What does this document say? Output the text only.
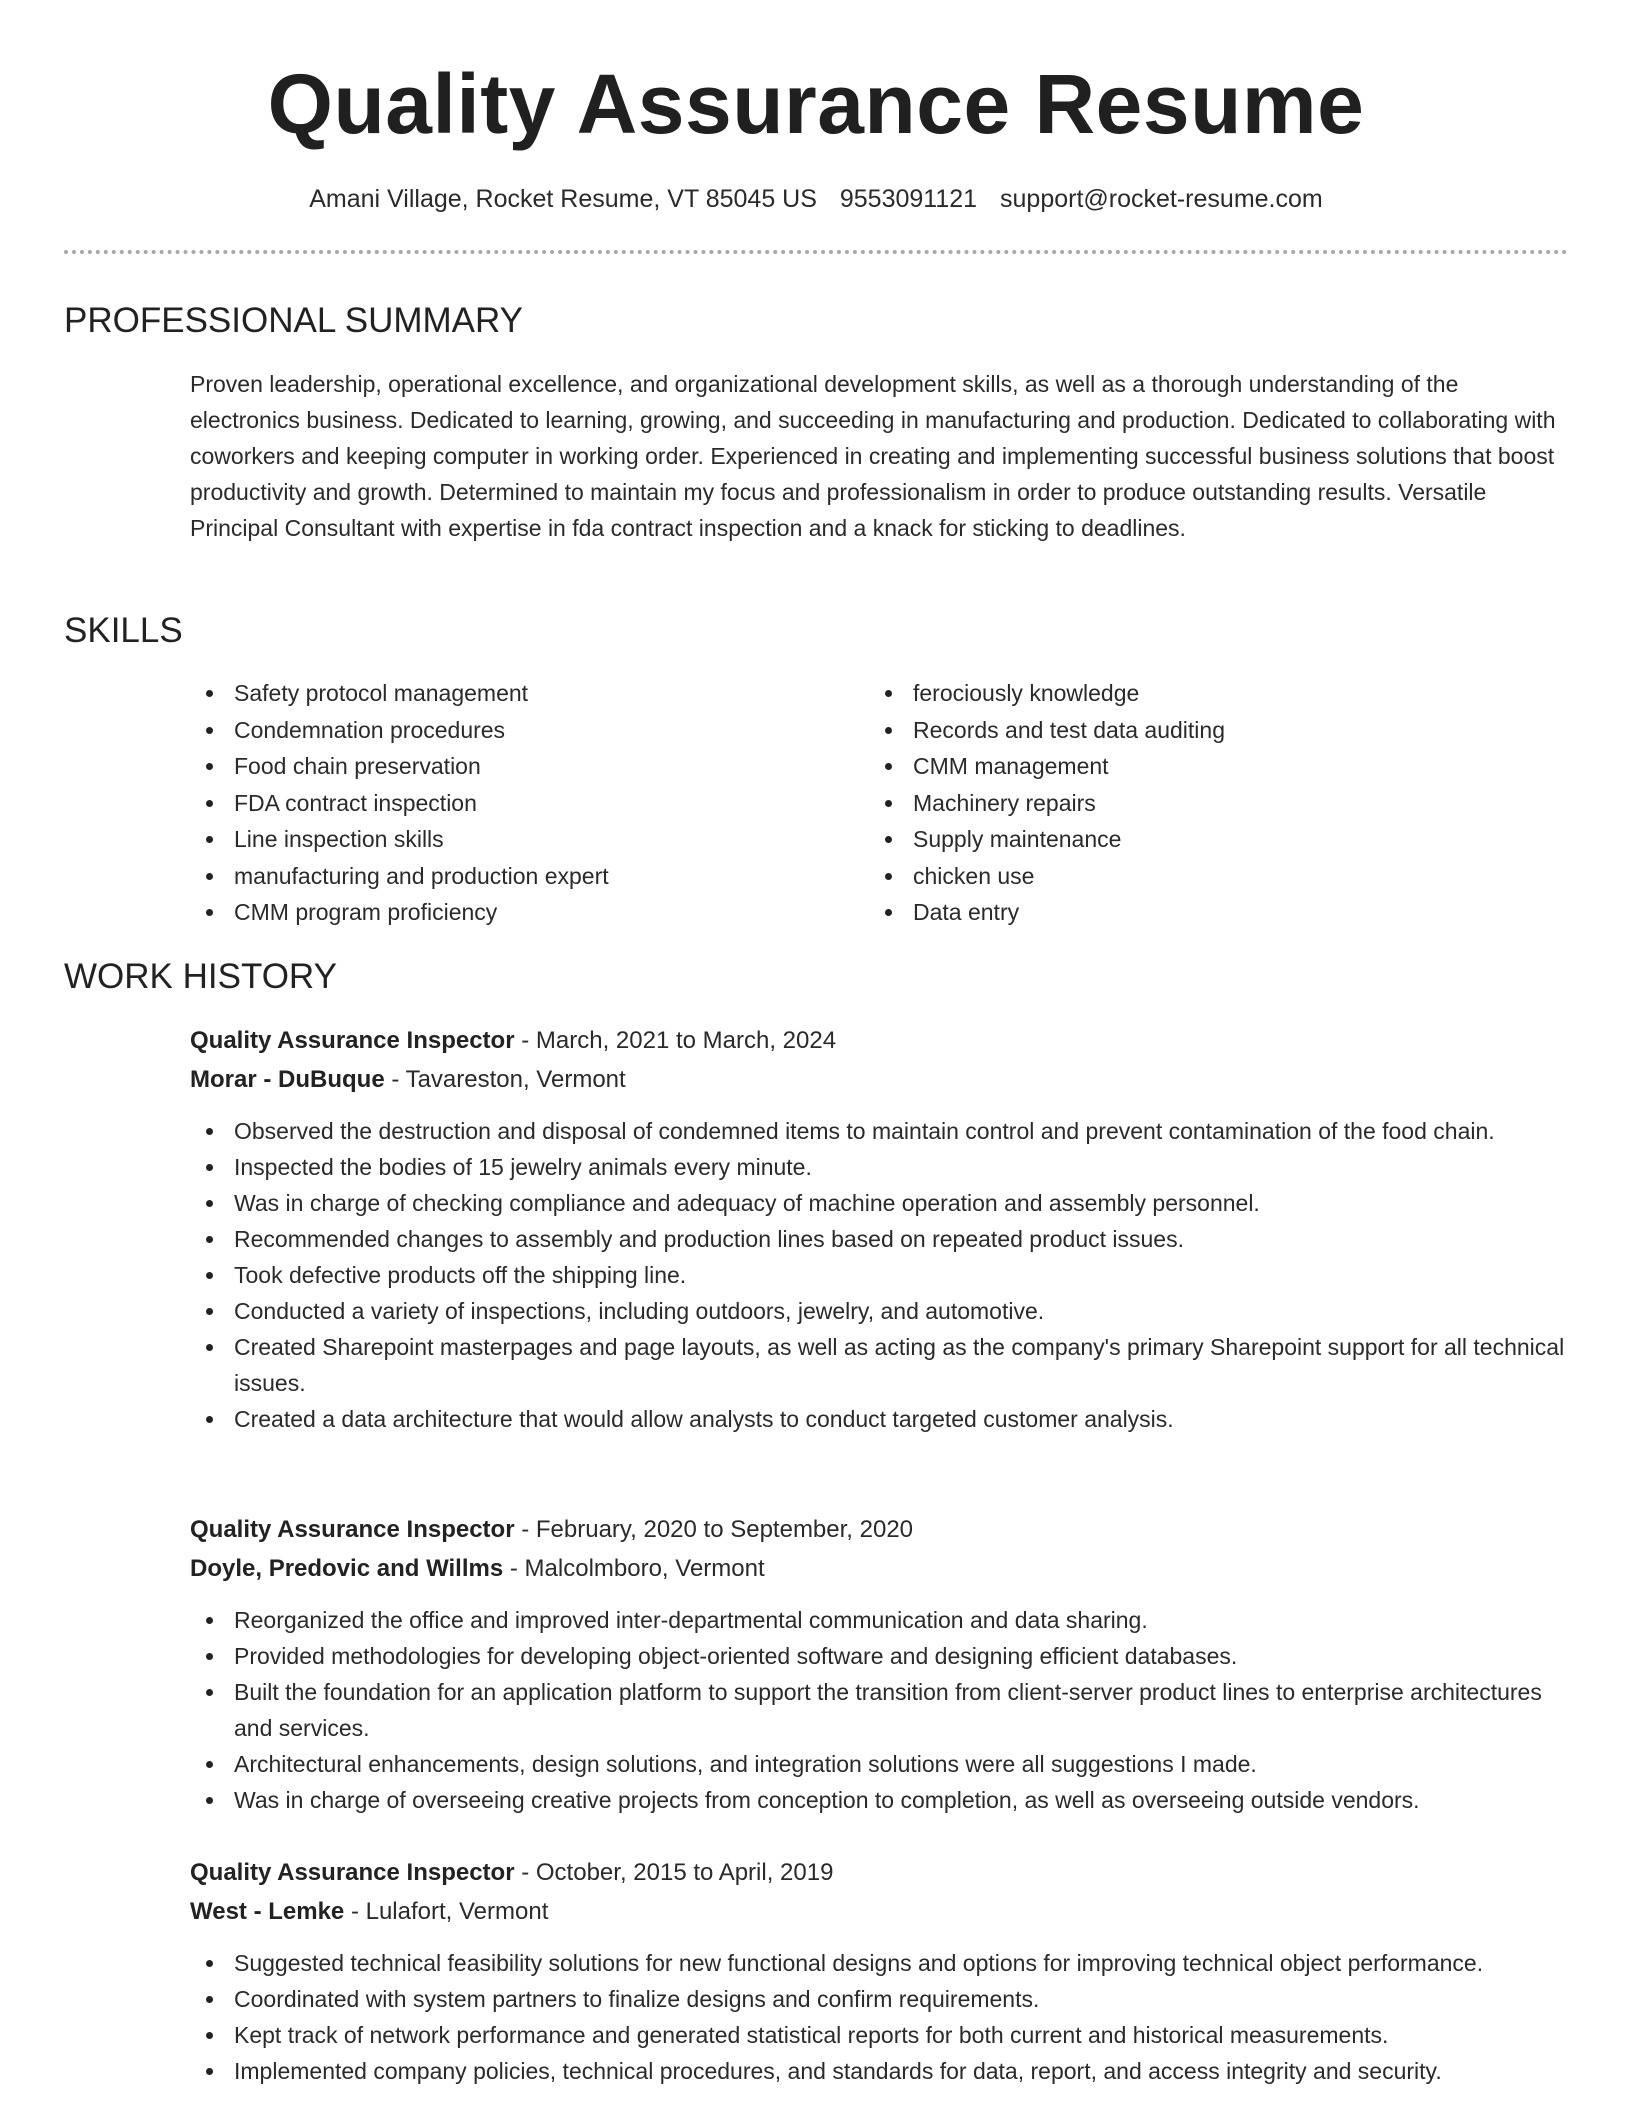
Quality Assurance Resume
Amani Village, Rocket Resume, VT 85045 US 9553091121 support@rocket-resume.com
PROFESSIONAL SUMMARY

Proven leadership, operational excellence, and organizational development skills, as well as a thorough understanding of the electronics business. Dedicated to learning, growing, and succeeding in manufacturing and production. Dedicated to collaborating with coworkers and keeping computer in working order. Experienced in creating and implementing successful business solutions that boost productivity and growth. Determined to maintain my focus and professionalism in order to produce outstanding results. Versatile Principal Consultant with expertise in fda contract inspection and a knack for sticking to deadlines.

SKILLS
Safety protocol management
Condemnation procedures
Food chain preservation
FDA contract inspection
Line inspection skills
manufacturing and production expert
CMM program proficiency
ferociously knowledge
Records and test data auditing
CMM management
Machinery repairs
Supply maintenance
chicken use
Data entry
WORK HISTORY
Quality Assurance Inspector - March, 2021 to March, 2024
Morar - DuBuque - Tavareston, Vermont
Observed the destruction and disposal of condemned items to maintain control and prevent contamination of the food chain.
Inspected the bodies of 15 jewelry animals every minute.
Was in charge of checking compliance and adequacy of machine operation and assembly personnel.
Recommended changes to assembly and production lines based on repeated product issues.
Took defective products off the shipping line.
Conducted a variety of inspections, including outdoors, jewelry, and automotive.
Created Sharepoint masterpages and page layouts, as well as acting as the company's primary Sharepoint support for all technical issues.
Created a data architecture that would allow analysts to conduct targeted customer analysis.
Quality Assurance Inspector - February, 2020 to September, 2020
Doyle, Predovic and Willms - Malcolmboro, Vermont
Reorganized the office and improved inter-departmental communication and data sharing.
Provided methodologies for developing object-oriented software and designing efficient databases.
Built the foundation for an application platform to support the transition from client-server product lines to enterprise architectures and services.
Architectural enhancements, design solutions, and integration solutions were all suggestions I made.
Was in charge of overseeing creative projects from conception to completion, as well as overseeing outside vendors.
Quality Assurance Inspector - October, 2015 to April, 2019
West - Lemke - Lulafort, Vermont
Suggested technical feasibility solutions for new functional designs and options for improving technical object performance.
Coordinated with system partners to finalize designs and confirm requirements.
Kept track of network performance and generated statistical reports for both current and historical measurements.
Implemented company policies, technical procedures, and standards for data, report, and access integrity and security.
